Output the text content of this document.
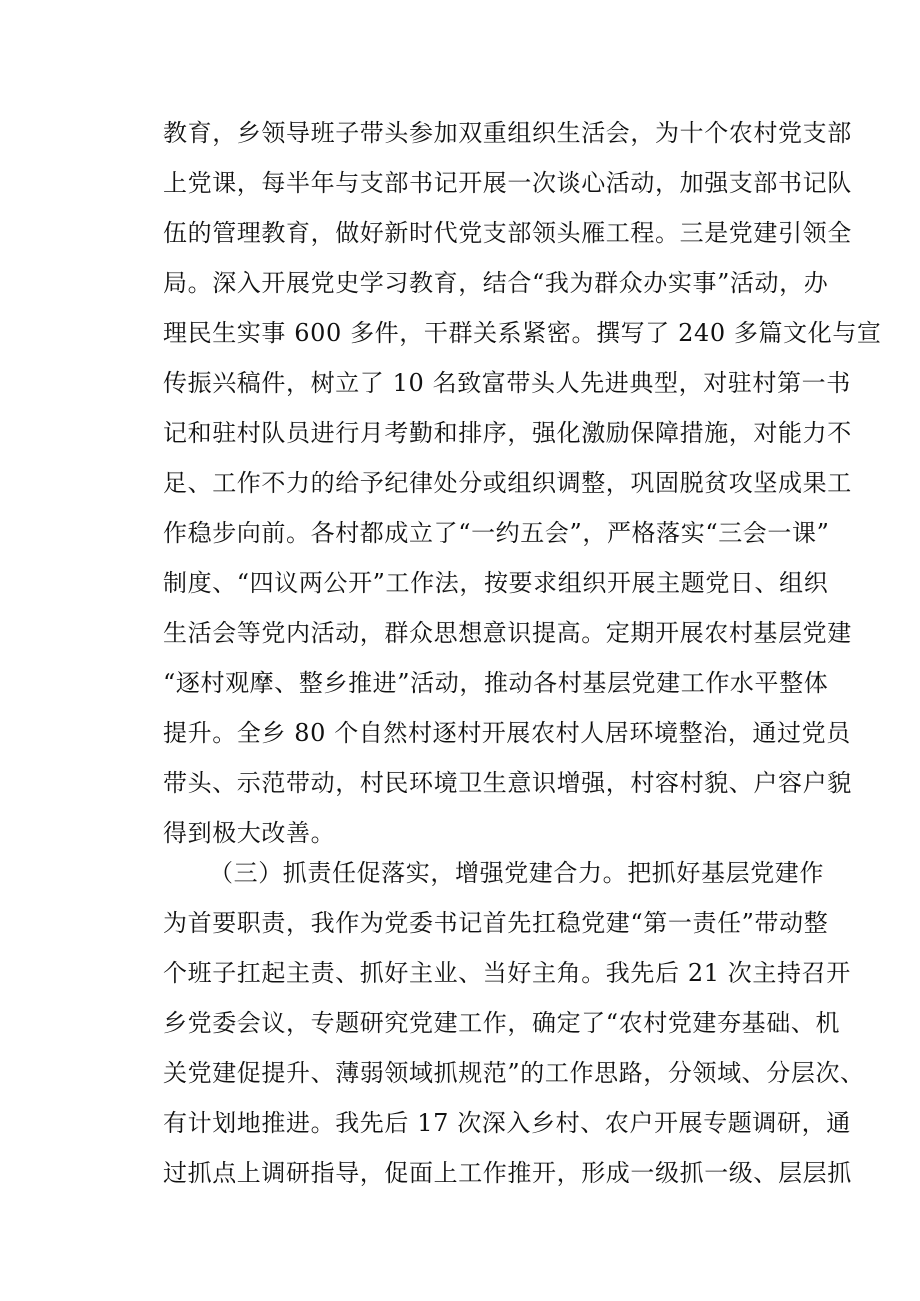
教育，乡领导班子带头参加双重组织生活会，为十个农村党支部
上党课，每半年与支部书记开展一次谈心活动，加强支部书记队
伍的管理教育，做好新时代党支部领头雁工程。三是党建引领全
局。深入开展党史学习教育，结合“我为群众办实事”活动，办
理民生实事 600 多件，干群关系紧密。撰写了 240 多篇文化与宣
传振兴稿件，树立了 10 名致富带头人先进典型，对驻村第一书
记和驻村队员进行月考勤和排序，强化激励保障措施，对能力不
足、工作不力的给予纪律处分或组织调整，巩固脱贫攻坚成果工
作稳步向前。各村都成立了“一约五会”，严格落实“三会一课”
制度、“四议两公开”工作法，按要求组织开展主题党日、组织
生活会等党内活动，群众思想意识提高。定期开展农村基层党建
“逐村观摩、整乡推进”活动，推动各村基层党建工作水平整体
提升。全乡 80 个自然村逐村开展农村人居环境整治，通过党员
带头、示范带动，村民环境卫生意识增强，村容村貌、户容户貌
得到极大改善。
（三）抓责任促落实，增强党建合力。把抓好基层党建作
为首要职责，我作为党委书记首先扛稳党建“第一责任”带动整
个班子扛起主责、抓好主业、当好主角。我先后 21 次主持召开
乡党委会议，专题研究党建工作，确定了“农村党建夯基础、机
关党建促提升、薄弱领域抓规范”的工作思路，分领域、分层次、
有计划地推进。我先后 17 次深入乡村、农户开展专题调研，通
过抓点上调研指导，促面上工作推开，形成一级抓一级、层层抓
